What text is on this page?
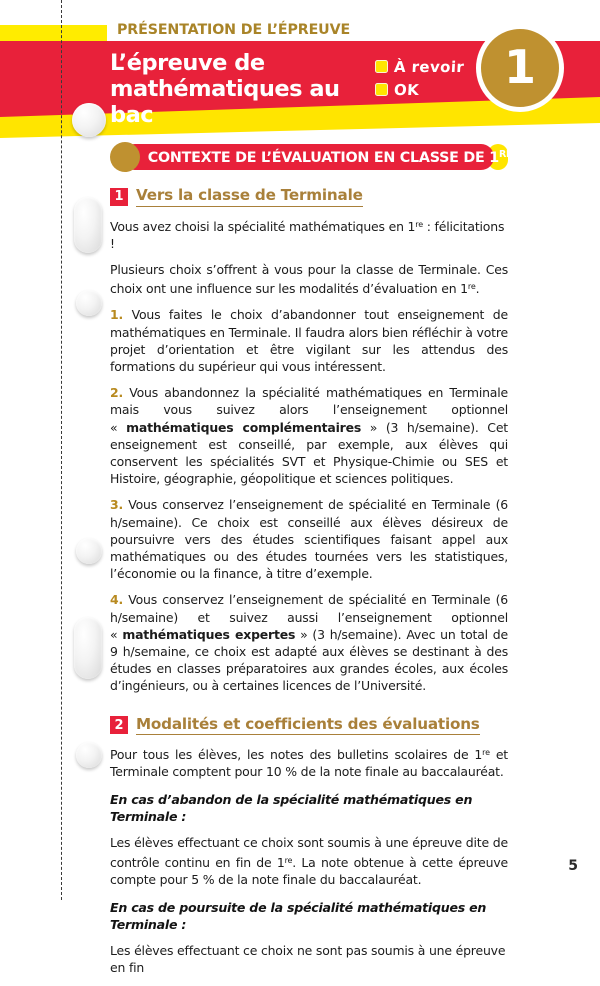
PRÉSENTATION DE L’ÉPREUVE
L’épreuve de
mathématiques au bac
À revoir
OK 1
CONTEXTE DE L’ÉVALUATION EN CLASSE DE 1RE
1 Vers la classe de Terminale

Vous avez choisi la spécialité mathématiques en 1re : félicitations !

Plusieurs choix s’offrent à vous pour la classe de Terminale. Ces choix ont une influence sur les modalités d’évaluation en 1re.

1. Vous faites le choix d’abandonner tout enseignement de mathématiques en Terminale. Il faudra alors bien réfléchir à votre projet d’orientation et être vigilant sur les attendus des formations du supérieur qui vous intéressent.

2. Vous abandonnez la spécialité mathématiques en Terminale mais vous suivez alors l’enseignement optionnel « mathématiques complémentaires » (3 h/semaine). Cet enseignement est conseillé, par exemple, aux élèves qui conservent les spécialités SVT et Physique-Chimie ou SES et Histoire, géographie, géopolitique et sciences politiques.

3. Vous conservez l’enseignement de spécialité en Terminale (6 h/semaine). Ce choix est conseillé aux élèves désireux de poursuivre vers des études scientifiques faisant appel aux mathématiques ou des études tournées vers les statistiques, l’économie ou la finance, à titre d’exemple.

4. Vous conservez l’enseignement de spécialité en Terminale (6 h/semaine) et suivez aussi l’enseignement optionnel « mathématiques expertes » (3 h/semaine). Avec un total de 9 h/semaine, ce choix est adapté aux élèves se destinant à des études en classes préparatoires aux grandes écoles, aux écoles d’ingénieurs, ou à certaines licences de l’Université.

2 Modalités et coefficients des évaluations

Pour tous les élèves, les notes des bulletins scolaires de 1re et Terminale comptent pour 10 % de la note finale au baccalauréat.

En cas d’abandon de la spécialité mathématiques en Terminale :

Les élèves effectuant ce choix sont soumis à une épreuve dite de contrôle continu en fin de 1re. La note obtenue à cette épreuve compte pour 5 % de la note finale du baccalauréat.

En cas de poursuite de la spécialité mathématiques en Terminale :

Les élèves effectuant ce choix ne sont pas soumis à une épreuve en fin

5
